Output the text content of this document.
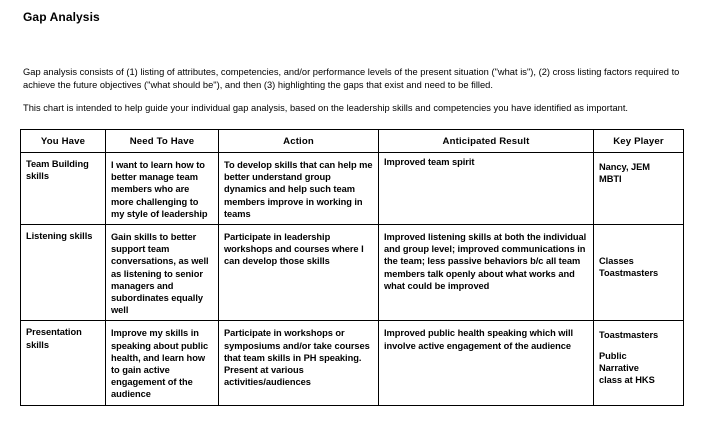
Gap Analysis

Gap analysis consists of (1) listing of attributes, competencies, and/or performance levels of the present situation ("what is"), (2) cross listing factors required to achieve the future objectives ("what should be"), and then (3) highlighting the gaps that exist and need to be filled.

This chart is intended to help guide your individual gap analysis, based on the leadership skills and competencies you have identified as important.

You Have	Need To Have	Action	Anticipated Result	Key Player

Team Building skills	I want to learn how to better manage team members who are more challenging to my style of leadership	To develop skills that can help me better understand group dynamics and help such team members improve in working in teams	Improved team spirit	Nancy, JEM
MBTI

Listening skills	Gain skills to better support team conversations, as well as listening to senior managers and subordinates equally well	Participate in leadership workshops and courses where I can develop those skills	Improved listening skills at both the individual and group level; improved communications in the team; less passive behaviors b/c all team members talk openly about what works and what could be improved	Classes
Toastmasters

Presentation skills	Improve my skills in speaking about public health, and learn how to gain active engagement of the audience	Participate in workshops or symposiums and/or take courses that team skills in PH speaking. Present at various activities/audiences	Improved public health speaking which will involve active engagement of the audience	Toastmasters
Public
Narrative
class at HKS
